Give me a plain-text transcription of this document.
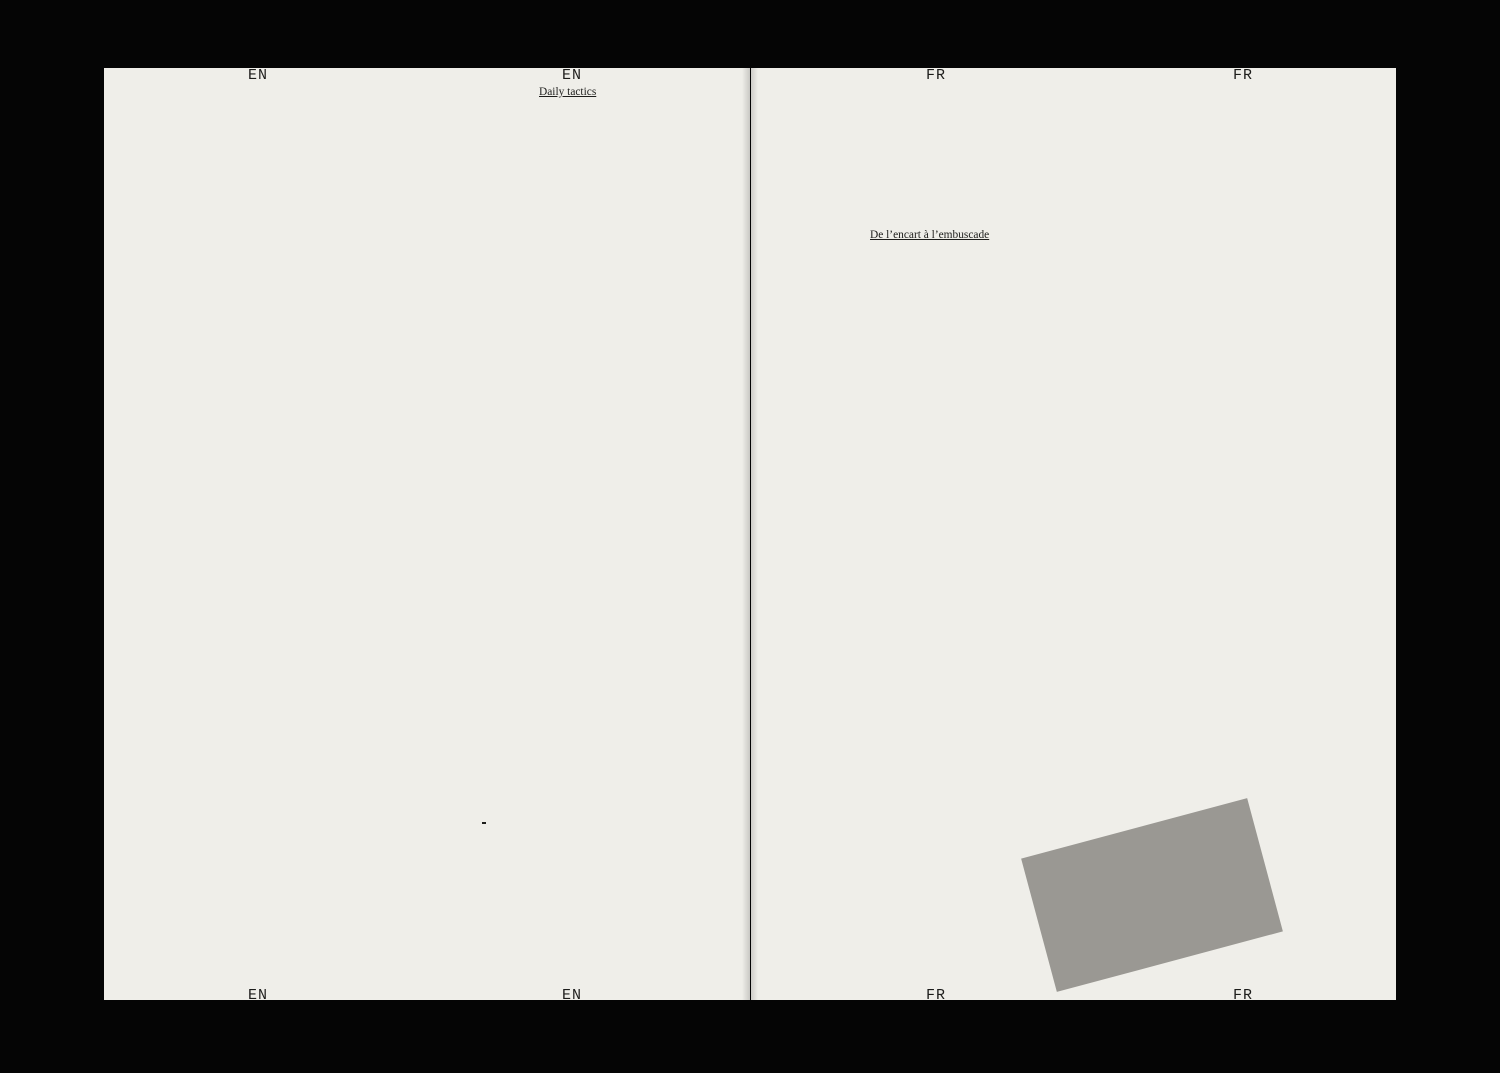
EN	EN	FR	FR
EN	EN	FR	FR
Daily tactics
De l’encart à l’embuscade
